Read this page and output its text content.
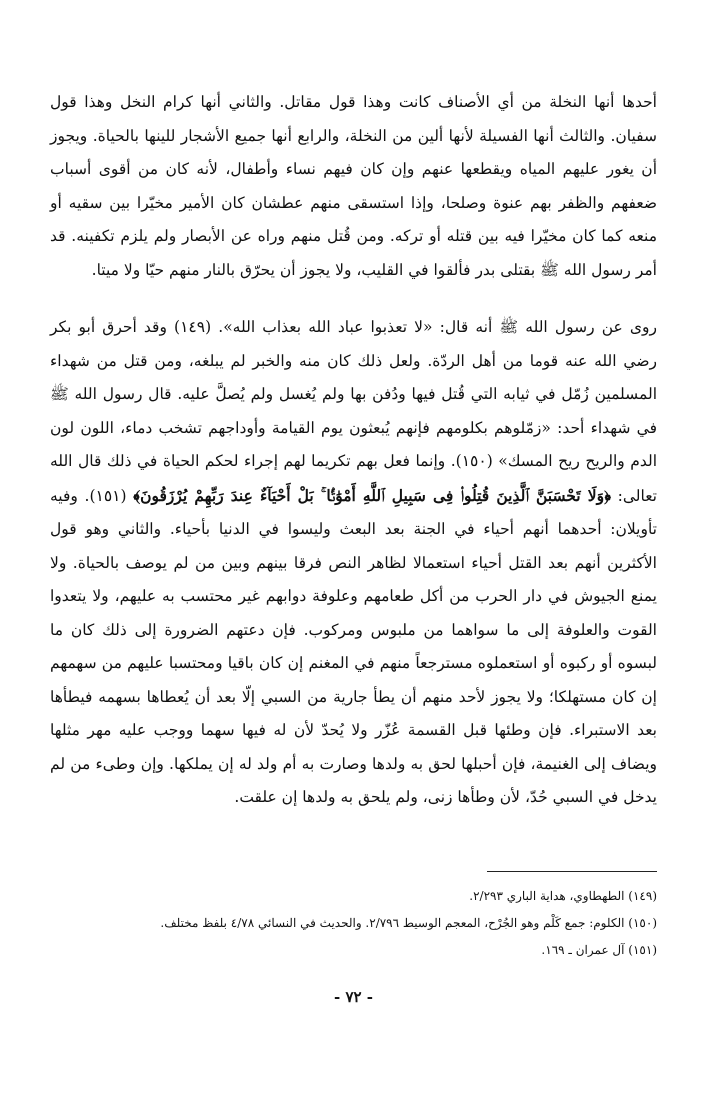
أحدها أنها النخلة من أي الأصناف كانت وهذا قول مقاتل. والثاني أنها كرام النخل وهذا قول سفيان. والثالث أنها الفسيلة لأنها ألين من النخلة، والرابع أنها جميع الأشجار للينها بالحياة. ويجوز أن يغور عليهم المياه ويقطعها عنهم وإن كان فيهم نساء وأطفال، لأنه كان من أقوى أسباب ضعفهم والظفر بهم عنوة وصلحا، وإذا استسقى منهم عطشان كان الأمير مخيّرا بين سقيه أو منعه كما كان مخيّرا فيه بين قتله أو تركه. ومن قُتل منهم وراه عن الأبصار ولم يلزم تكفينه. قد أمر رسول الله ﷺ بقتلى بدر فألقوا في القليب، ولا يجوز أن يحرّق بالنار منهم حيّا ولا ميتا.

روى عن رسول الله ﷺ أنه قال: «لا تعذبوا عباد الله بعذاب الله». (١٤٩) وقد أحرق أبو بكر رضي الله عنه قوما من أهل الردّة. ولعل ذلك كان منه والخبر لم يبلغه، ومن قتل من شهداء المسلمين زُمّل في ثيابه التي قُتل فيها ودُفن بها ولم يُغسل ولم يُصلَّ عليه. قال رسول الله ﷺ في شهداء أحد: «زمّلوهم بكلومهم فإنهم يُبعثون يوم القيامة وأوداجهم تشخب دماء، اللون لون الدم والريح ريح المسك» (١٥٠). وإنما فعل بهم تكريما لهم إجراء لحكم الحياة في ذلك قال الله تعالى: ﴿وَلَا تَحْسَبَنَّ ٱلَّذِينَ قُتِلُوا۟ فِى سَبِيلِ ٱللَّهِ أَمْوَٰتًۢا ۚ بَلْ أَحْيَآءٌ عِندَ رَبِّهِمْ يُرْزَقُونَ﴾ (١٥١). وفيه تأويلان: أحدهما أنهم أحياء في الجنة بعد البعث وليسوا في الدنيا بأحياء. والثاني وهو قول الأكثرين أنهم بعد القتل أحياء استعمالا لظاهر النص فرقا بينهم وبين من لم يوصف بالحياة. ولا يمنع الجيوش في دار الحرب من أكل طعامهم وعلوفة دوابهم غير محتسب به عليهم، ولا يتعدوا القوت والعلوفة إلى ما سواهما من ملبوس ومركوب. فإن دعتهم الضرورة إلى ذلك كان ما لبسوه أو ركبوه أو استعملوه مسترجعاً منهم في المغنم إن كان باقيا ومحتسبا عليهم من سهمهم إن كان مستهلكا؛ ولا يجوز لأحد منهم أن يطأ جارية من السبي إلّا بعد أن يُعطاها بسهمه فيطأها بعد الاستبراء. فإن وطئها قبل القسمة عُزّر ولا يُحدّ لأن له فيها سهما ووجب عليه مهر مثلها ويضاف إلى الغنيمة، فإن أحبلها لحق به ولدها وصارت به أم ولد له إن يملكها. وإن وطىء من لم يدخل في السبي حُدّ، لأن وطأها زنى، ولم يلحق به ولدها إن علقت.

(١٤٩) الطهطاوي، هداية الباري ٢/٢٩٣.

(١٥٠) الكلوم: جمع كَلْم وهو الجُرْح، المعجم الوسيط ٢/٧٩٦. والحديث في النسائي ٤/٧٨ بلفظ مختلف.

(١٥١) آل عمران ـ ١٦٩.

- ٧٢ -
